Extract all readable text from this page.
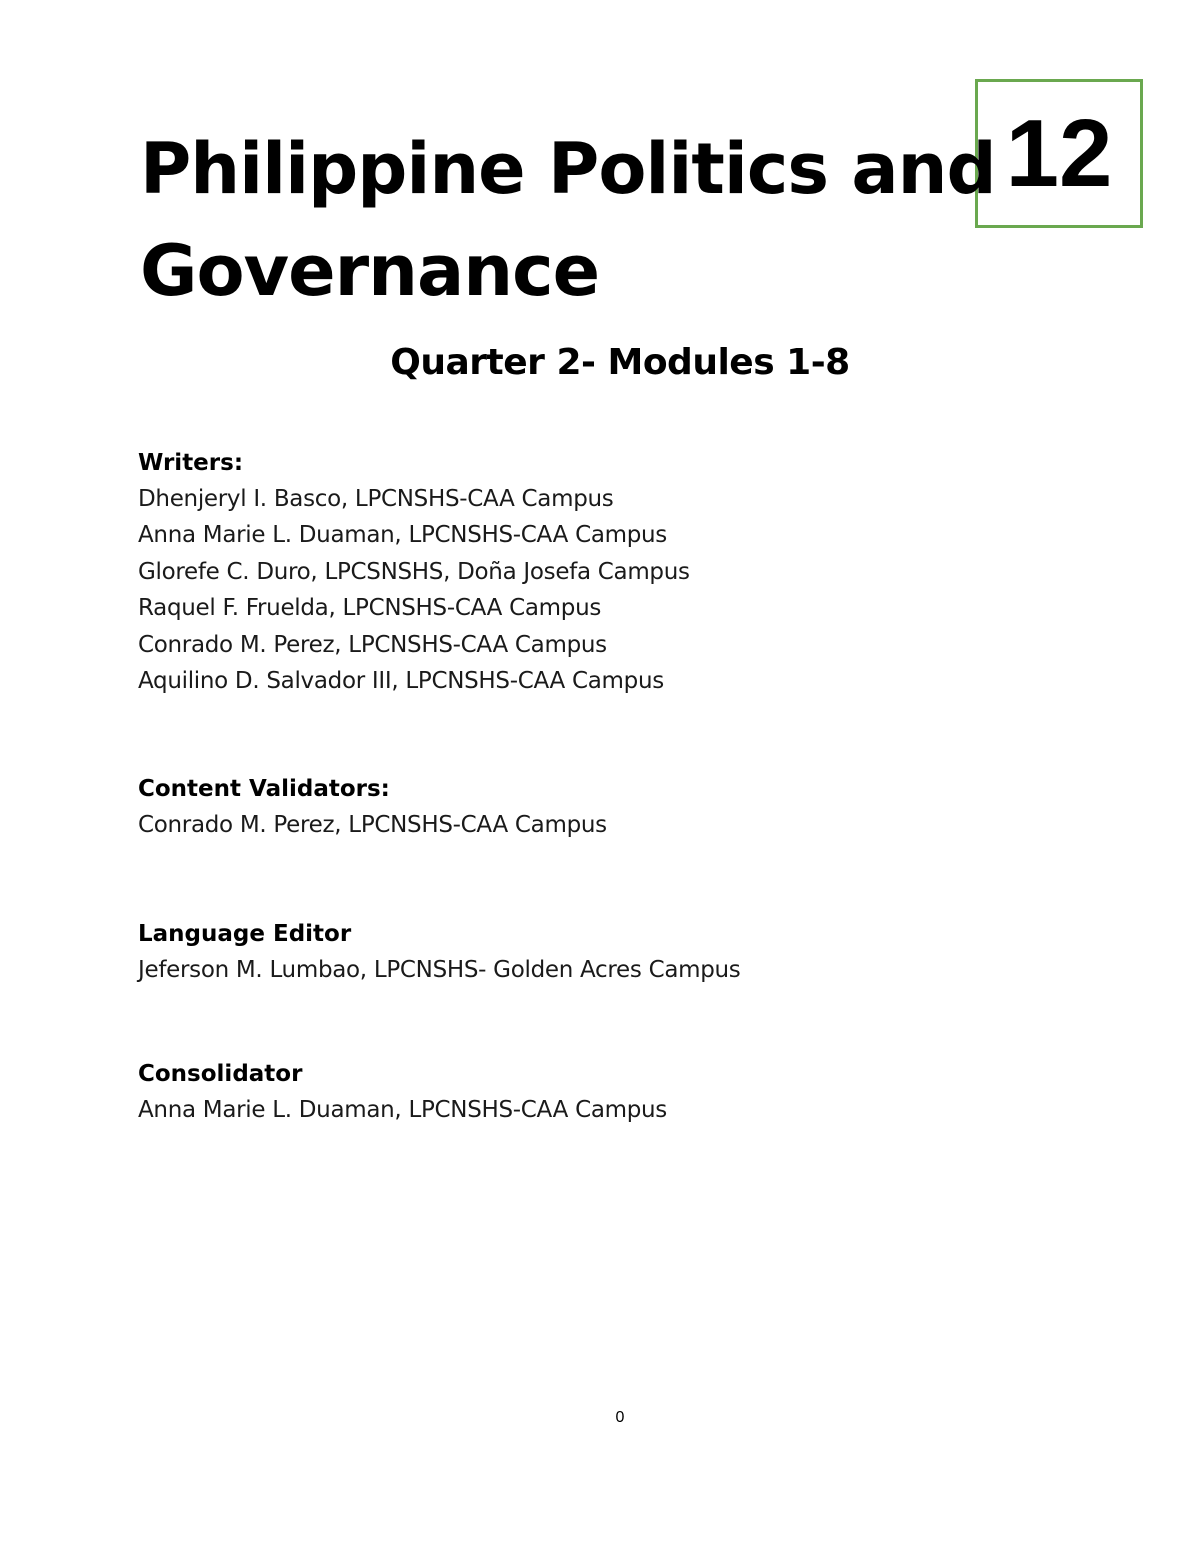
12
Philippine Politics and
Governance
Quarter 2- Modules 1-8
Writers:
Dhenjeryl I. Basco, LPCNSHS-CAA Campus
Anna Marie L. Duaman, LPCNSHS-CAA Campus
Glorefe C. Duro, LPCSNSHS, Doña Josefa Campus
Raquel F. Fruelda, LPCNSHS-CAA Campus
Conrado M. Perez, LPCNSHS-CAA Campus
Aquilino D. Salvador III, LPCNSHS-CAA Campus
Content Validators:
Conrado M. Perez, LPCNSHS-CAA Campus
Language Editor
Jeferson M. Lumbao, LPCNSHS- Golden Acres Campus
Consolidator
Anna Marie L. Duaman, LPCNSHS-CAA Campus
0
